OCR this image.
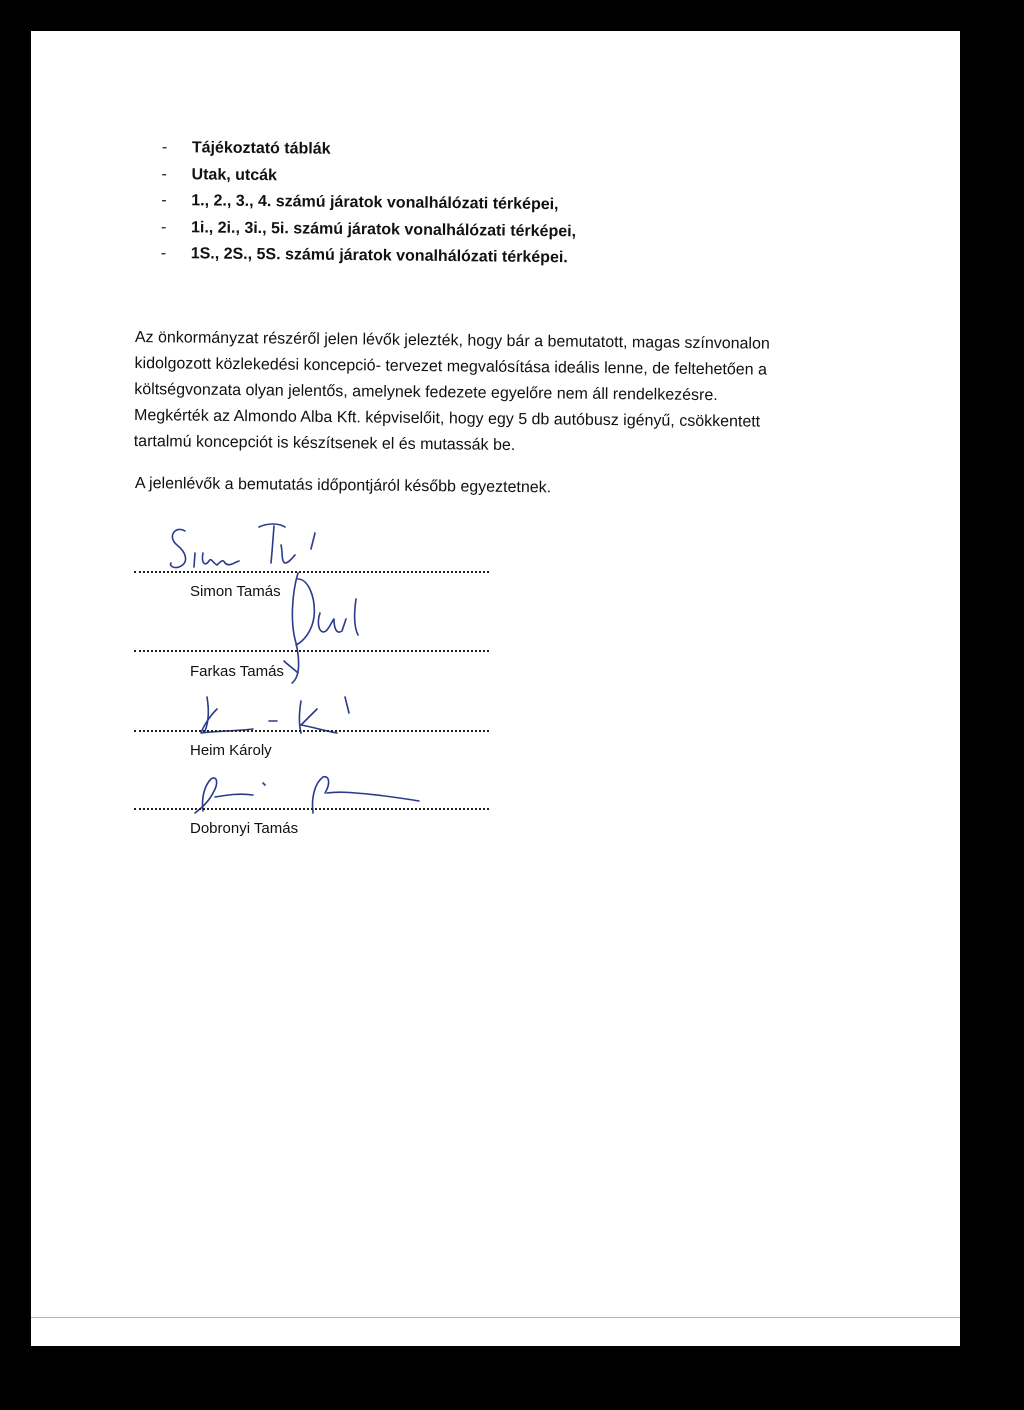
- Tájékoztató táblák
- Utak, utcák
- 1., 2., 3., 4. számú járatok vonalhálózati térképei,
- 1i., 2i., 3i., 5i. számú járatok vonalhálózati térképei,
- 1S., 2S., 5S. számú járatok vonalhálózati térképei.

Az önkormányzat részéről jelen lévők jelezték, hogy bár a bemutatott, magas színvonalon
kidolgozott közlekedési koncepció- tervezet megvalósítása ideális lenne, de feltehetően a
költségvonzata olyan jelentős, amelynek fedezete egyelőre nem áll rendelkezésre.
Megkérték az Almondo Alba Kft. képviselőit, hogy egy 5 db autóbusz igényű, csökkentett
tartalmú koncepciót is készítsenek el és mutassák be.

A jelenlévők a bemutatás időpontjáról később egyeztetnek.

Simon Tamás
Farkas Tamás
Heim Károly
Dobronyi Tamás
